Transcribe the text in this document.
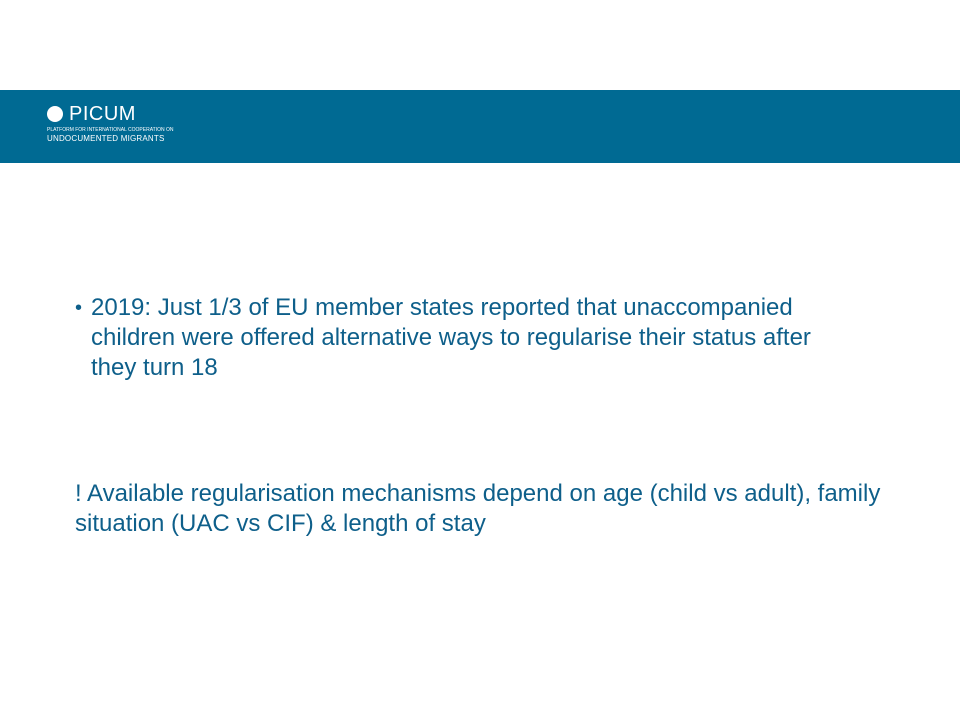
PICUM
PLATFORM FOR INTERNATIONAL COOPERATION ON
UNDOCUMENTED MIGRANTS
• 2019: Just 1/3 of EU member states reported that unaccompanied children were offered alternative ways to regularise their status after they turn 18
! Available regularisation mechanisms depend on age (child vs adult), family situation (UAC vs CIF) & length of stay
